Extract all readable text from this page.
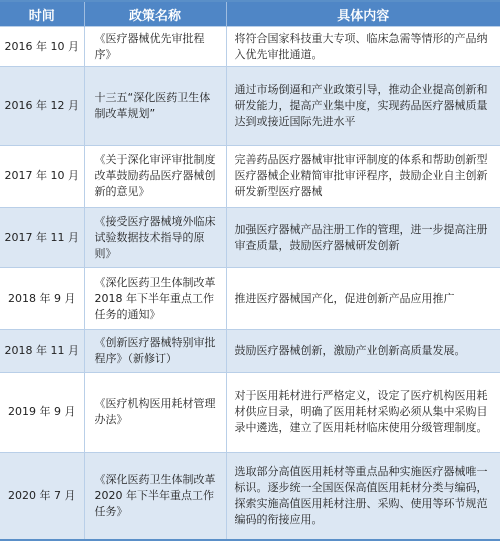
时间	政策名称	具体内容
2016 年 10 月	《医疗器械优先审批程序》	将符合国家科技重大专项、临床急需等情形的产品纳入优先审批通道。
2016 年 12 月	十三五“深化医药卫生体制改革规划”	通过市场倒逼和产业政策引导，推动企业提高创新和研发能力，提高产业集中度，实现药品医疗器械质量达到或接近国际先进水平
2017 年 10 月	《关于深化审评审批制度改革鼓励药品医疗器械创新的意见》	完善药品医疗器械审批审评制度的体系和帮助创新型医疗器械企业精简审批审评程序，鼓励企业自主创新研发新型医疗器械
2017 年 11 月	《接受医疗器械境外临床试验数据技术指导的原则》	加强医疗器械产品注册工作的管理，进一步提高注册审查质量，鼓励医疗器械研发创新
2018 年 9 月	《深化医药卫生体制改革 2018 年下半年重点工作任务的通知》	推进医疗器械国产化，促进创新产品应用推广
2018 年 11 月	《创新医疗器械特别审批程序》（新修订）	鼓励医疗器械创新，激励产业创新高质量发展。
2019 年 9 月	《医疗机构医用耗材管理办法》	对于医用耗材进行严格定义，设定了医疗机构医用耗材供应目录，明确了医用耗材采购必须从集中采购目录中遴选，建立了医用耗材临床使用分级管理制度。
2020 年 7 月	《深化医药卫生体制改革 2020 年下半年重点工作任务》	选取部分高值医用耗材等重点品种实施医疗器械唯一标识。逐步统一全国医保高值医用耗材分类与编码，探索实施高值医用耗材注册、采购、使用等环节规范编码的衔接应用。
